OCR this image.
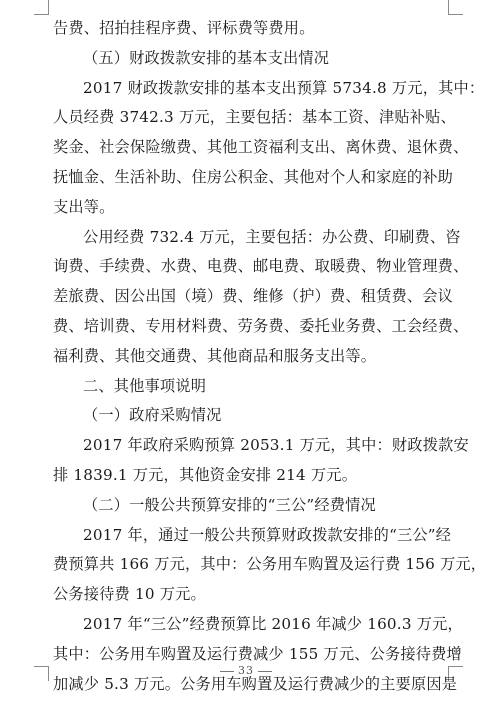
告费、招拍挂程序费、评标费等费用。
（五）财政拨款安排的基本支出情况
2017 财政拨款安排的基本支出预算 5734.8 万元，其中：
人员经费 3742.3 万元，主要包括：基本工资、津贴补贴、
奖金、社会保险缴费、其他工资福利支出、离休费、退休费、
抚恤金、生活补助、住房公积金、其他对个人和家庭的补助
支出等。
公用经费 732.4 万元，主要包括：办公费、印刷费、咨
询费、手续费、水费、电费、邮电费、取暖费、物业管理费、
差旅费、因公出国（境）费、维修（护）费、租赁费、会议
费、培训费、专用材料费、劳务费、委托业务费、工会经费、
福利费、其他交通费、其他商品和服务支出等。
二、其他事项说明
（一）政府采购情况
2017 年政府采购预算 2053.1 万元，其中：财政拨款安
排 1839.1 万元，其他资金安排 214 万元。
（二）一般公共预算安排的“三公”经费情况
2017 年，通过一般公共预算财政拨款安排的“三公”经
费预算共 166 万元，其中：公务用车购置及运行费 156 万元，
公务接待费 10 万元。
2017 年“三公”经费预算比 2016 年减少 160.3 万元，
其中：公务用车购置及运行费减少 155 万元、公务接待费增
加减少 5.3 万元。公务用车购置及运行费减少的主要原因是
33
